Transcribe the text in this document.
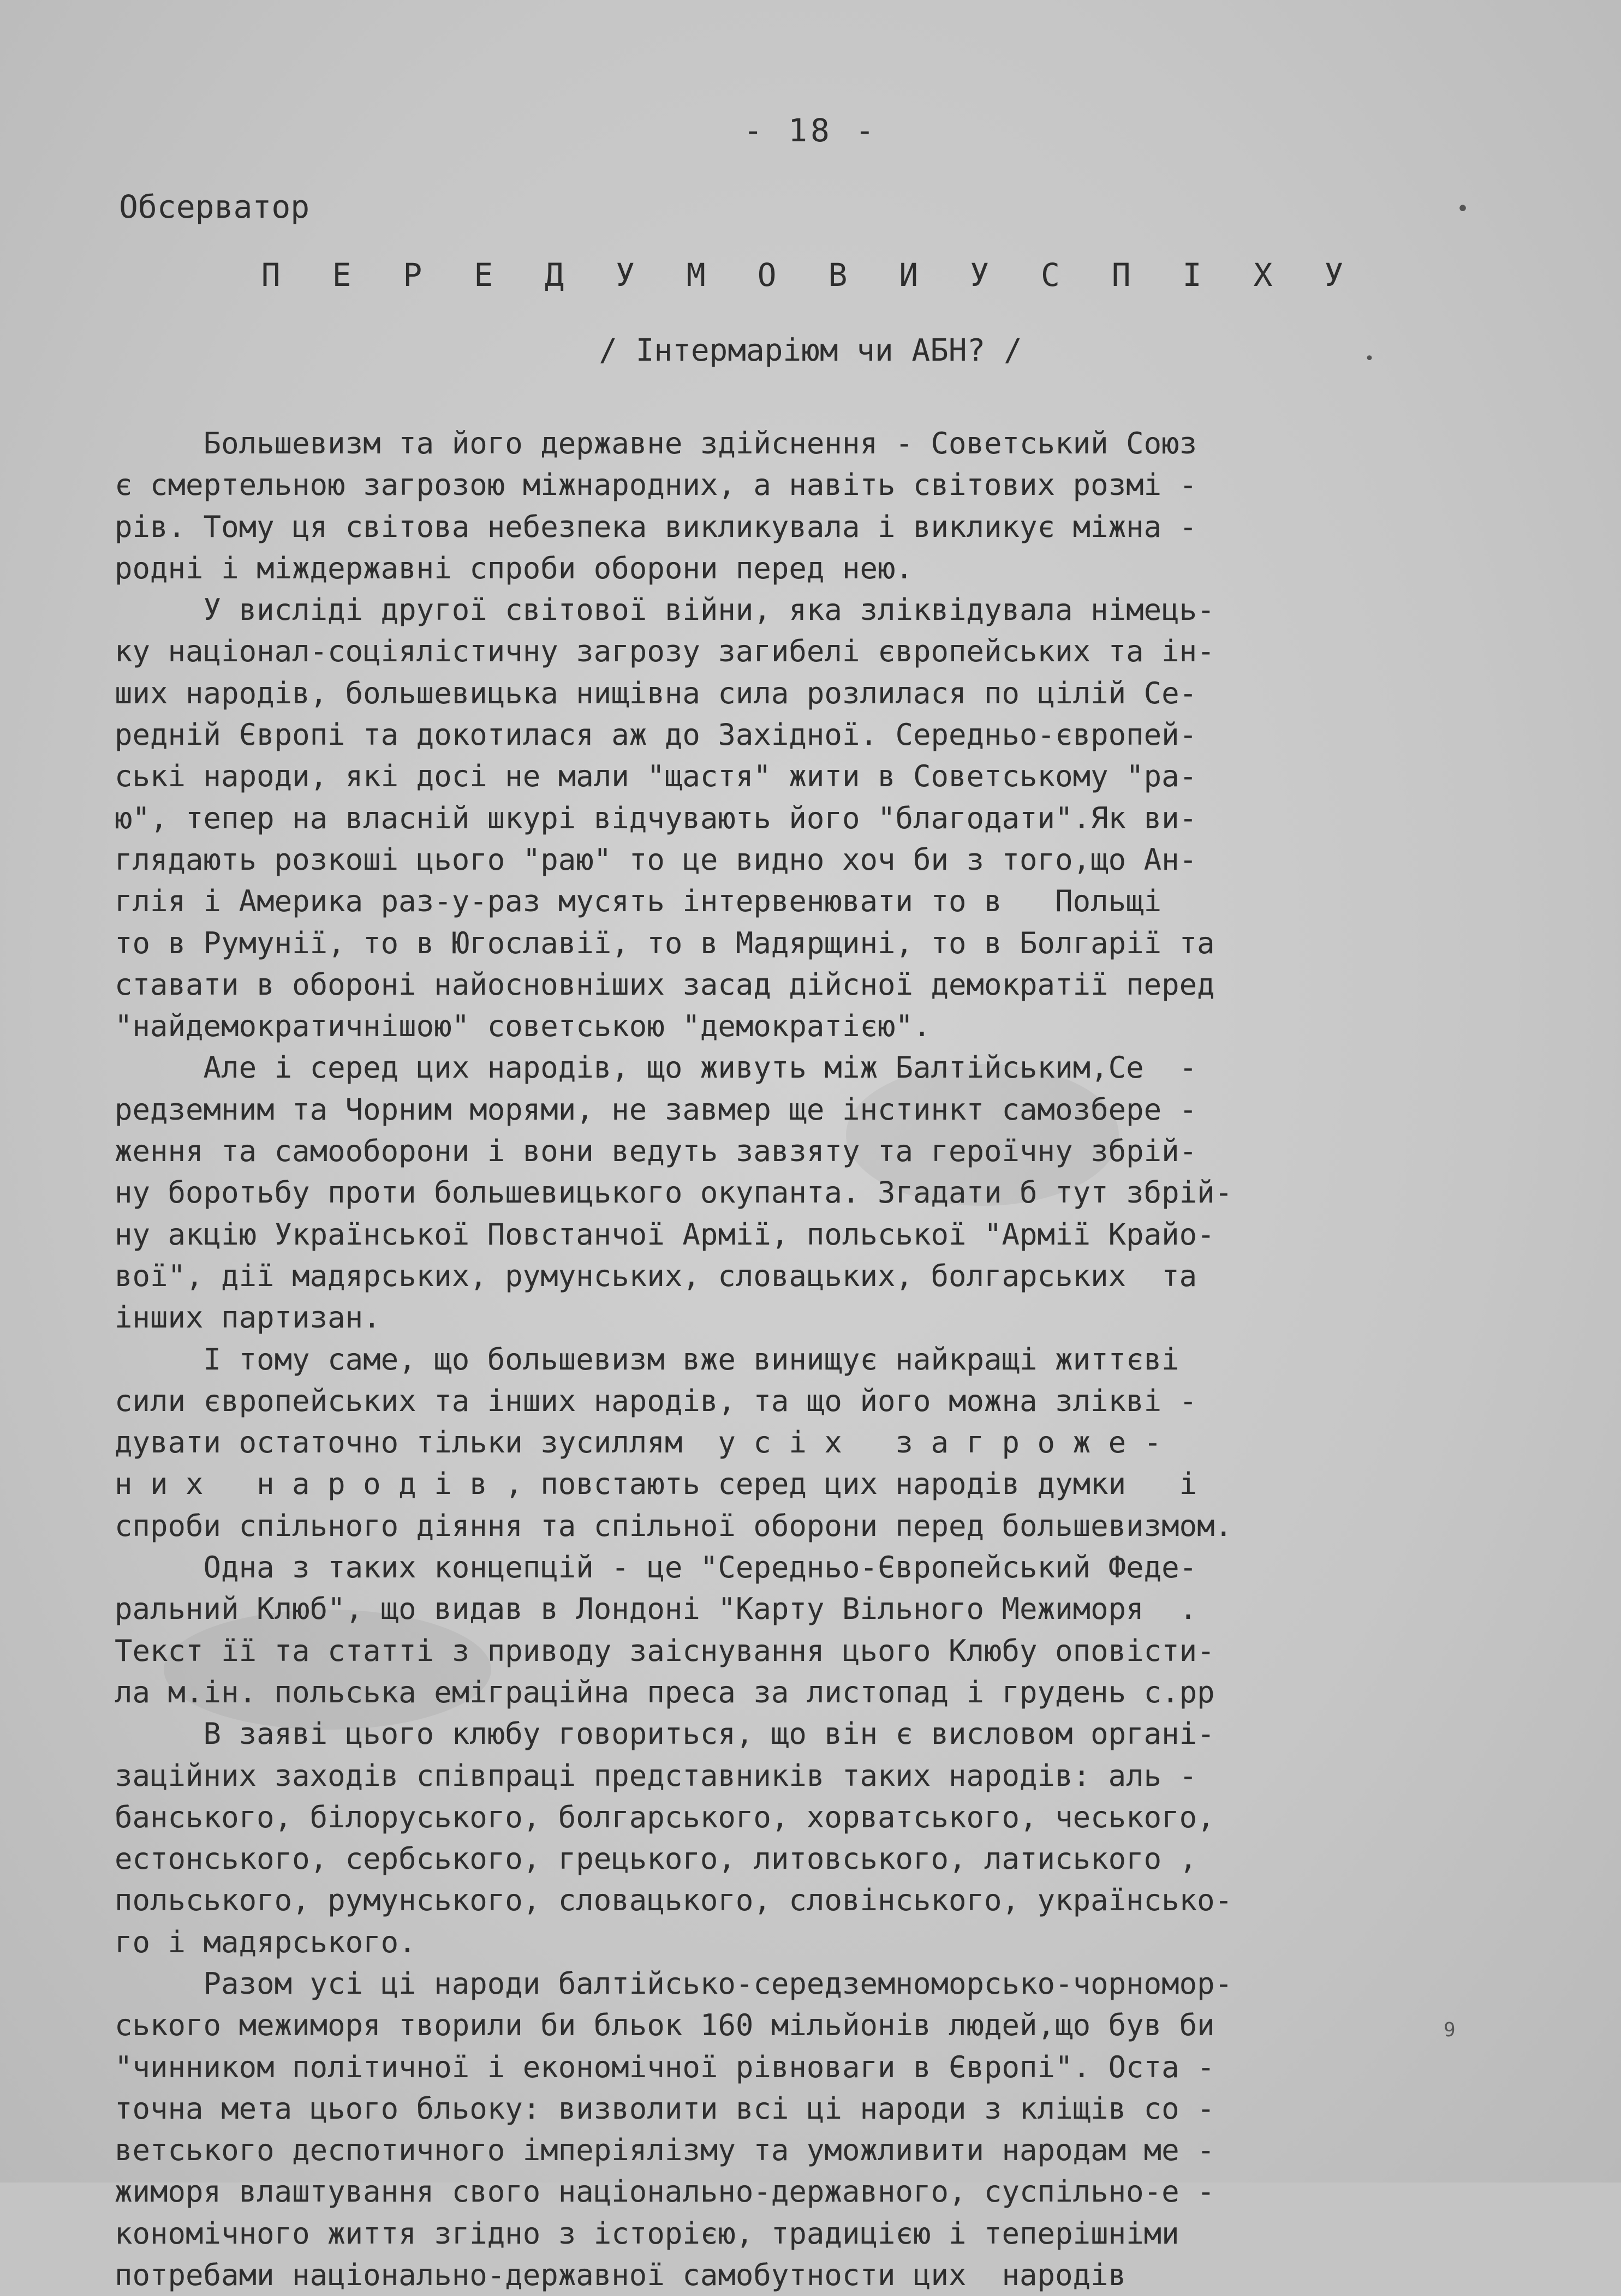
- 18 -
Обсерватор
П Е Р Е Д У М О В И У С П І Х У
/ Інтермаріюм чи АБН? /
Большевизм та його державне здійснення - Советський Союз
є смертельною загрозою міжнародних, а навіть світових розмі -
рів. Тому ця світова небезпека викликувала і викликує міжна -
родні і міждержавні спроби оборони перед нею.
У висліді другої світової війни, яка зліквідувала німець-
ку націонал-соціялістичну загрозу загибелі європейських та ін-
ших народів, большевицька нищівна сила розлилася по цілій Се-
редній Європі та докотилася аж до Західної. Середньо-європей-
ські народи, які досі не мали "щастя" жити в Советському "ра-
ю", тепер на власній шкурі відчувають його "благодати".Як ви-
глядають розкоші цього "раю" то це видно хоч би з того,що Ан-
глія і Америка раз-у-раз мусять інтервенювати то в   Польщі
то в Румунії, то в Югославії, то в Мадярщині, то в Болгарії та
ставати в обороні найосновніших засад дійсної демократії перед
"найдемократичнішою" советською "демократією".
Але і серед цих народів, що живуть між Балтійським,Се  -
редземним та Чорним морями, не завмер ще інстинкт самозбере -
ження та самооборони і вони ведуть завзяту та героїчну збрій-
ну боротьбу проти большевицького окупанта. Згадати б тут збрій-
ну акцію Української Повстанчої Армії, польської "Армії Крайо-
вої", дії мадярських, румунських, словацьких, болгарських  та
інших партизан.
І тому саме, що большевизм вже винищує найкращі життєві
сили європейських та інших народів, та що його можна зліквi -
дувати остаточно тільки зусиллям  у с і х   з а г р о ж е -
н и х   н а р о д і в , повстають серед цих народів думки   і
спроби спільного діяння та спільної оборони перед большевизмом.
Одна з таких концепцій - це "Середньо-Європейський Федe-
ральний Клюб", що видав в Лондоні "Карту Вільного Межиморя  .
Текст її та статті з приводу заіснування цього Клюбу оповісти-
ла м.ін. польська еміграційна преса за листопад і грудень с.рр
В заяві цього клюбу говориться, що він є висловом органі-
заційних заходів співпраці представників таких народів: аль -
банського, білоруського, болгарського, хорватського, чеського,
естонського, сербського, грецького, литовського, латиського ,
польського, румунського, словацького, словінського, українсько-
го і мадярського.
Разом усі ці народи балтійсько-середземноморсько-чорномор-
ського межиморя творили би бльок 160 мільйонів людей,що був би
"чинником політичної і економічної рівноваги в Європі". Оста -
точна мета цього бльоку: визволити всі ці народи з кліщів со -
ветського деспотичного імперіялізму та уможливити народам ме -
жиморя влаштування свого національно-державного, суспільно-е -
кономічного життя згідно з історією, традицією і теперішніми
потребами національно-державної самобутности цих  народів
•
•
9
